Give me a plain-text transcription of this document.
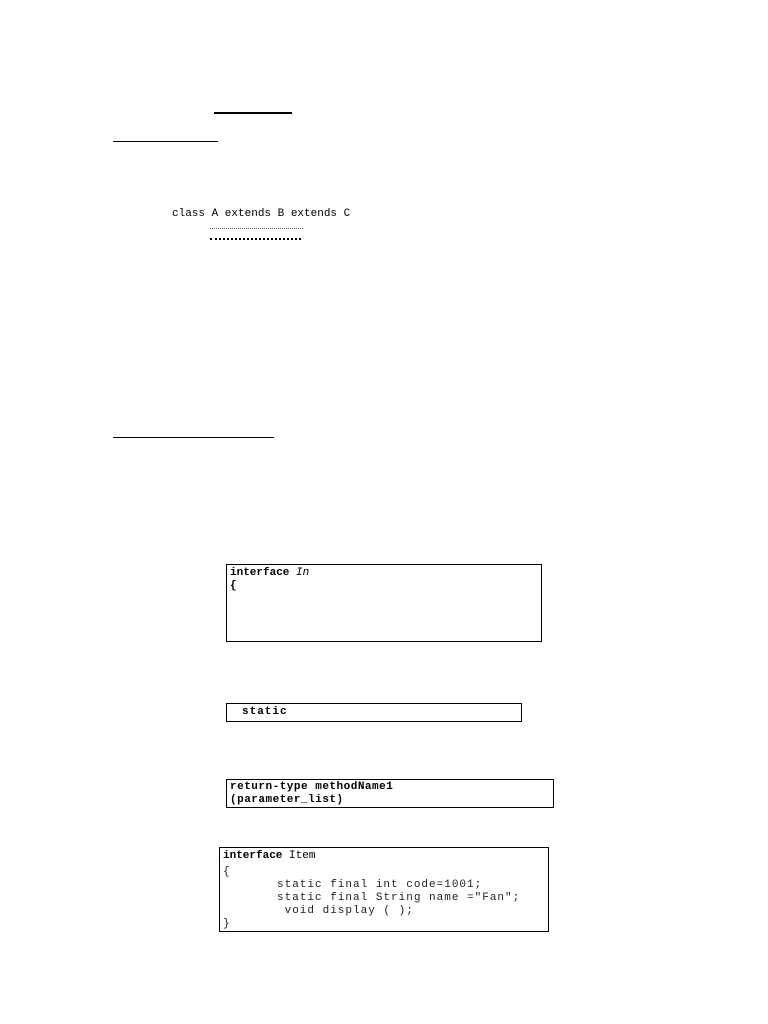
class A extends B extends C
interface In
{
static
return-type methodName1
(parameter_list)
interface Item
{
static final int code=1001;
static final String name ="Fan";
void display ( );
}
